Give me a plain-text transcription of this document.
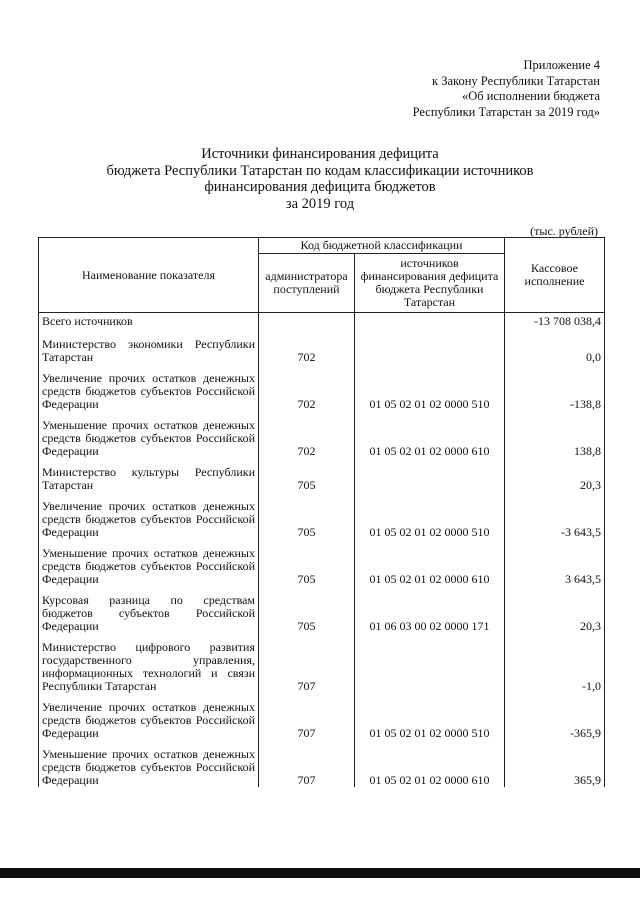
Приложение 4
к Закону Республики Татарстан
«Об исполнении бюджета
Республики Татарстан за 2019 год»
Источники финансирования дефицита
бюджета Республики Татарстан по кодам классификации источников
финансирования дефицита бюджетов
за 2019 год
(тыс. рублей)
Наименование показателя	Код бюджетной классификации		Кассовое исполнение
	администратора поступлений	источников финансирования дефицита бюджета Республики Татарстан	
Всего источников			-13 708 038,4

Министерство экономики Республики Татарстан	702		0,0

Увеличение прочих остатков денежных средств бюджетов субъектов Российской Федерации	702	01 05 02 01 02 0000 510	-138,8

Уменьшение прочих остатков денежных средств бюджетов субъектов Российской Федерации	702	01 05 02 01 02 0000 610	138,8

Министерство культуры Республики Татарстан	705		20,3

Увеличение прочих остатков денежных средств бюджетов субъектов Российской Федерации	705	01 05 02 01 02 0000 510	-3 643,5

Уменьшение прочих остатков денежных средств бюджетов субъектов Российской Федерации	705	01 05 02 01 02 0000 610	3 643,5

Курсовая разница по средствам бюджетов субъектов Российской Федерации	705	01 06 03 00 02 0000 171	20,3

Министерство цифрового развития государственного управления, информационных технологий и связи Республики Татарстан	707		-1,0

Увеличение прочих остатков денежных средств бюджетов субъектов Российской Федерации	707	01 05 02 01 02 0000 510	-365,9

Уменьшение прочих остатков денежных средств бюджетов субъектов Российской Федерации	707	01 05 02 01 02 0000 610	365,9
